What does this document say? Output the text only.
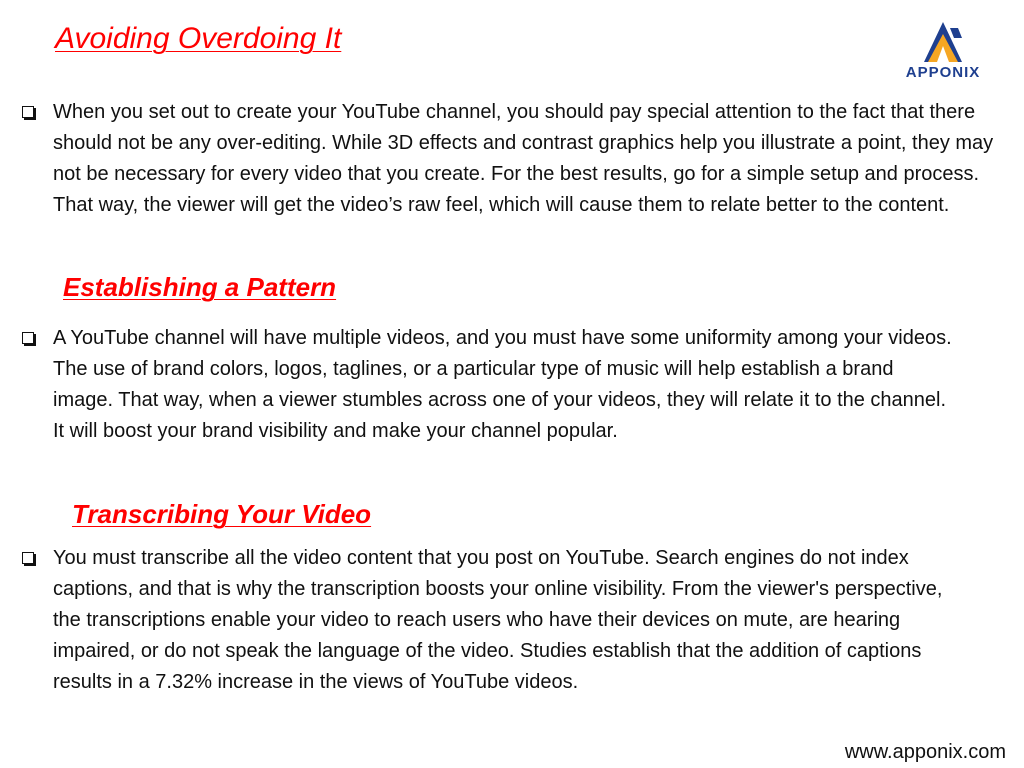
Avoiding Overdoing It
APPONIX

When you set out to create your YouTube channel, you should pay special attention to the fact that there should not be any over-editing. While 3D effects and contrast graphics help you illustrate a point, they may not be necessary for every video that you create. For the best results, go for a simple setup and process. That way, the viewer will get the video’s raw feel, which will cause them to relate better to the content.

Establishing a Pattern

A YouTube channel will have multiple videos, and you must have some uniformity among your videos. The use of brand colors, logos, taglines, or a particular type of music will help establish a brand image. That way, when a viewer stumbles across one of your videos, they will relate it to the channel. It will boost your brand visibility and make your channel popular.

Transcribing Your Video

You must transcribe all the video content that you post on YouTube. Search engines do not index captions, and that is why the transcription boosts your online visibility. From the viewer's perspective, the transcriptions enable your video to reach users who have their devices on mute, are hearing impaired, or do not speak the language of the video. Studies establish that the addition of captions results in a 7.32% increase in the views of YouTube videos.

www.apponix.com
